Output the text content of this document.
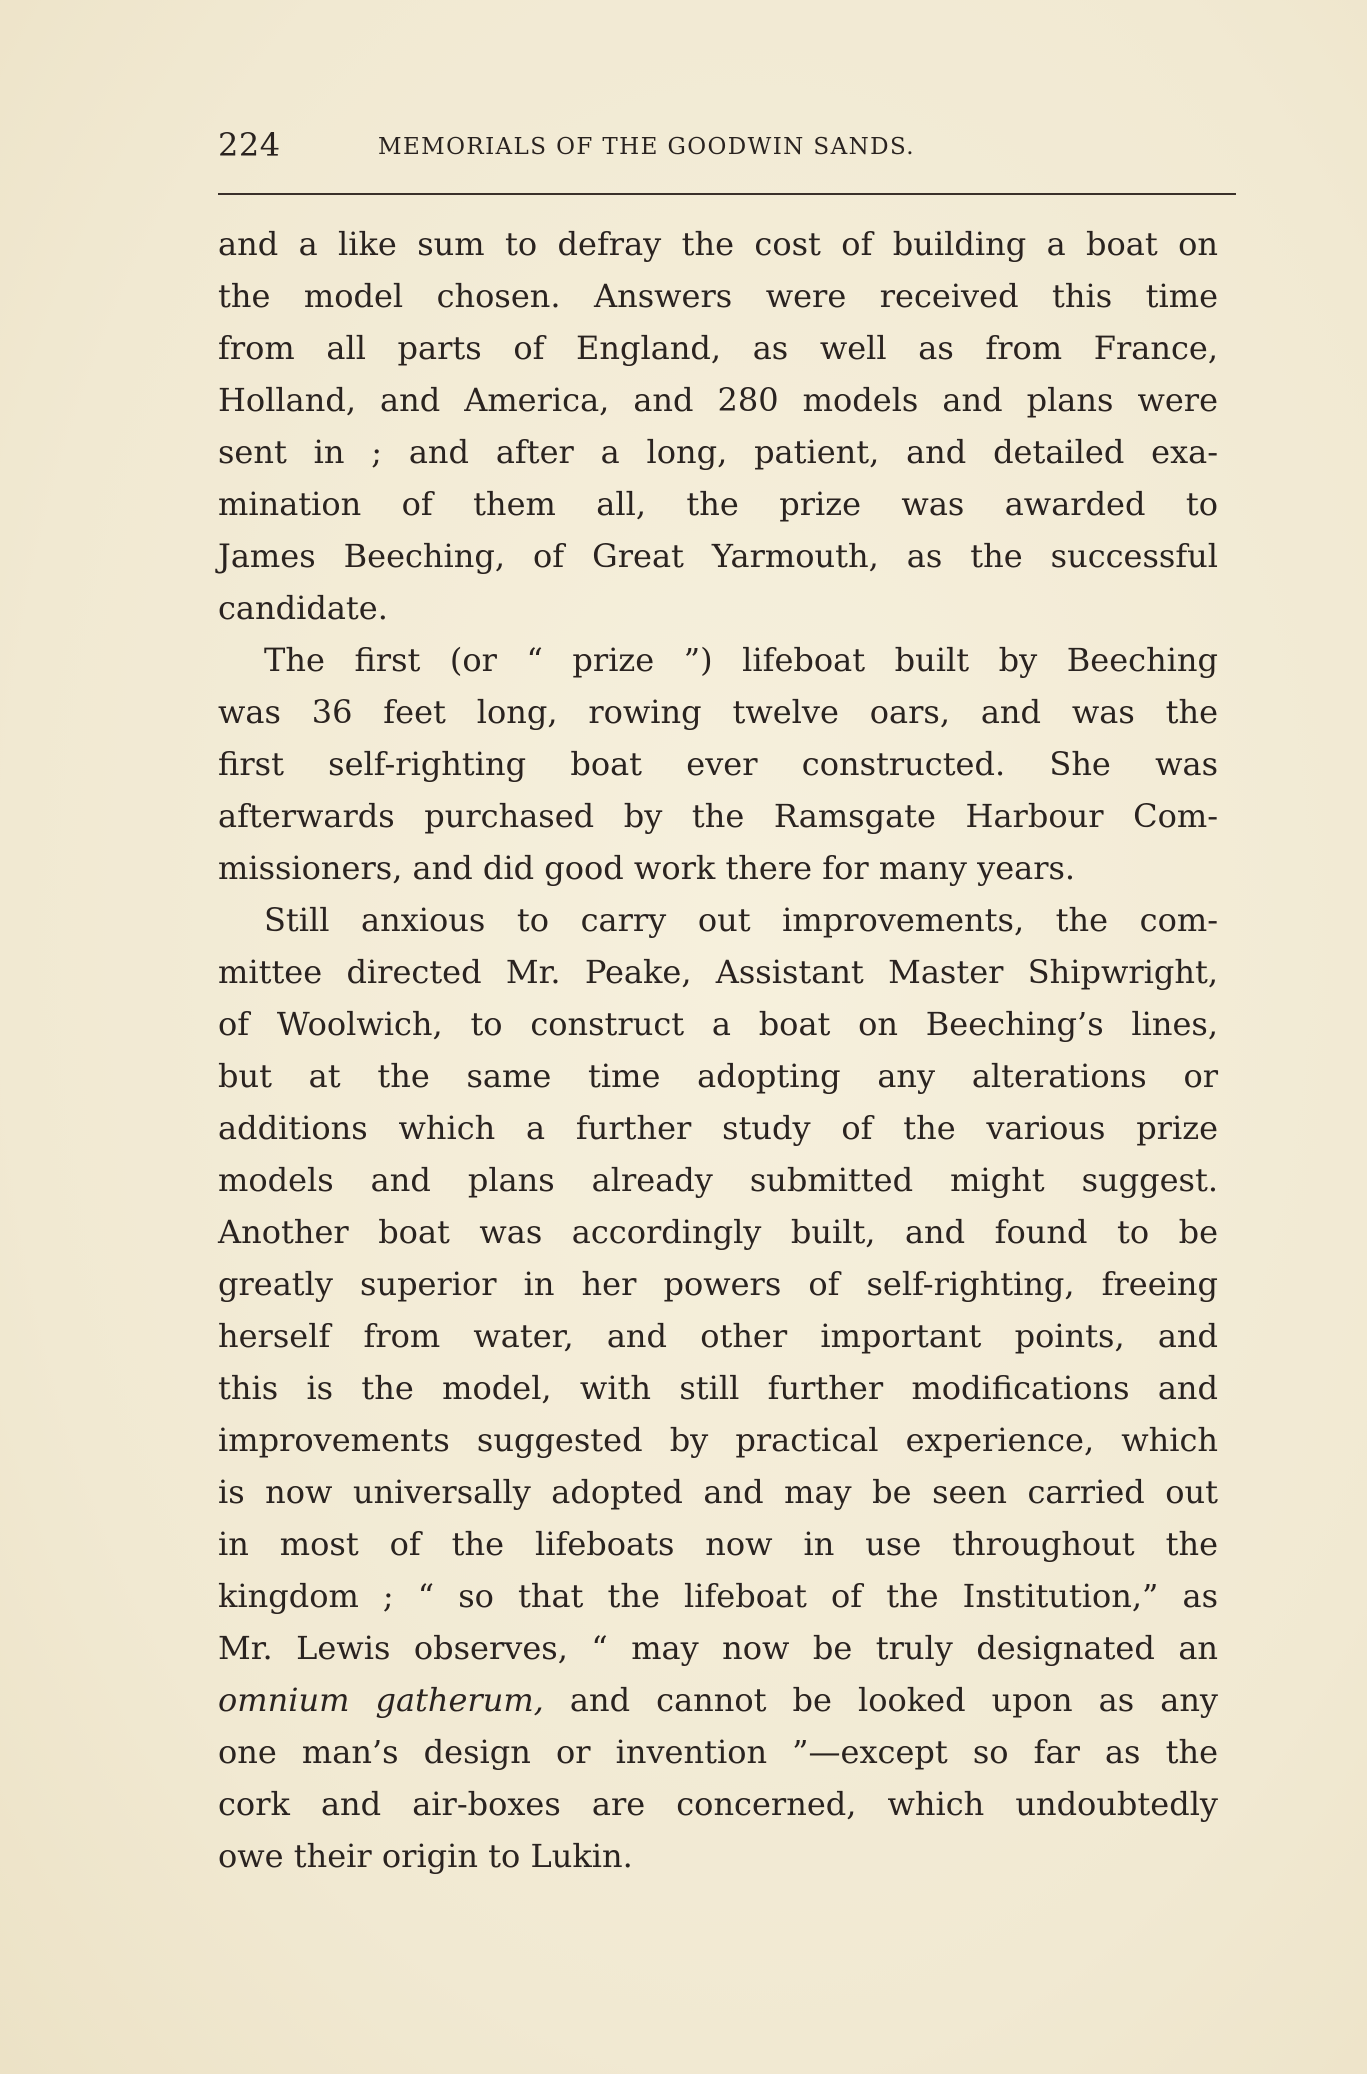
224	MEMORIALS OF THE GOODWIN SANDS.
and a like sum to defray the cost of building a boat on
the model chosen. Answers were received this time
from all parts of England, as well as from France,
Holland, and America, and 280 models and plans were
sent in ; and after a long, patient, and detailed exa-
mination of them all, the prize was awarded to
James Beeching, of Great Yarmouth, as the successful
candidate.
The first (or “ prize ”) lifeboat built by Beeching
was 36 feet long, rowing twelve oars, and was the
first self-righting boat ever constructed. She was
afterwards purchased by the Ramsgate Harbour Com-
missioners, and did good work there for many years.
Still anxious to carry out improvements, the com-
mittee directed Mr. Peake, Assistant Master Shipwright,
of Woolwich, to construct a boat on Beeching’s lines,
but at the same time adopting any alterations or
additions which a further study of the various prize
models and plans already submitted might suggest.
Another boat was accordingly built, and found to be
greatly superior in her powers of self-righting, freeing
herself from water, and other important points, and
this is the model, with still further modifications and
improvements suggested by practical experience, which
is now universally adopted and may be seen carried out
in most of the lifeboats now in use throughout the
kingdom ; “ so that the lifeboat of the Institution,” as
Mr. Lewis observes, “ may now be truly designated an
omnium gatherum, and cannot be looked upon as any
one man’s design or invention ”—except so far as the
cork and air-boxes are concerned, which undoubtedly
owe their origin to Lukin.
